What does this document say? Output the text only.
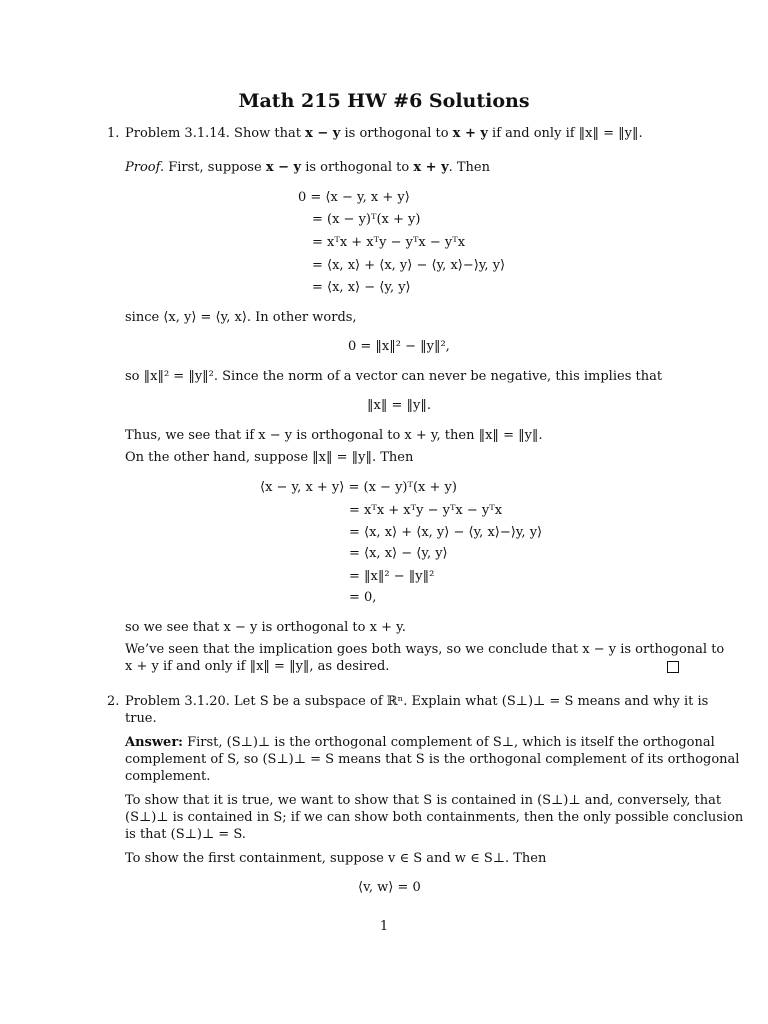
Math 215 HW #6 Solutions
1. Problem 3.1.14. Show that x − y is orthogonal to x + y if and only if ‖x‖ = ‖y‖.
Proof. First, suppose x − y is orthogonal to x + y. Then
0 = ⟨x − y, x + y⟩
= (x − y)ᵀ(x + y)
= xᵀx + xᵀy − yᵀx − yᵀx
= ⟨x, x⟩ + ⟨x, y⟩ − ⟨y, x⟩−⟩y, y⟩
= ⟨x, x⟩ − ⟨y, y⟩
since ⟨x, y⟩ = ⟨y, x⟩. In other words,
0 = ‖x‖² − ‖y‖²,
so ‖x‖² = ‖y‖². Since the norm of a vector can never be negative, this implies that
‖x‖ = ‖y‖.
Thus, we see that if x − y is orthogonal to x + y, then ‖x‖ = ‖y‖.
On the other hand, suppose ‖x‖ = ‖y‖. Then
⟨x − y, x + y⟩ = (x − y)ᵀ(x + y)
= xᵀx + xᵀy − yᵀx − yᵀx
= ⟨x, x⟩ + ⟨x, y⟩ − ⟨y, x⟩−⟩y, y⟩
= ⟨x, x⟩ − ⟨y, y⟩
= ‖x‖² − ‖y‖²
= 0,
so we see that x − y is orthogonal to x + y.
We’ve seen that the implication goes both ways, so we conclude that x − y is orthogonal to
x + y if and only if ‖x‖ = ‖y‖, as desired.
2. Problem 3.1.20. Let S be a subspace of ℝⁿ. Explain what (S⊥)⊥ = S means and why it is
true.
Answer: First, (S⊥)⊥ is the orthogonal complement of S⊥, which is itself the orthogonal
complement of S, so (S⊥)⊥ = S means that S is the orthogonal complement of its orthogonal
complement.
To show that it is true, we want to show that S is contained in (S⊥)⊥ and, conversely, that
(S⊥)⊥ is contained in S; if we can show both containments, then the only possible conclusion
is that (S⊥)⊥ = S.
To show the first containment, suppose v ∈ S and w ∈ S⊥. Then
⟨v, w⟩ = 0
1
